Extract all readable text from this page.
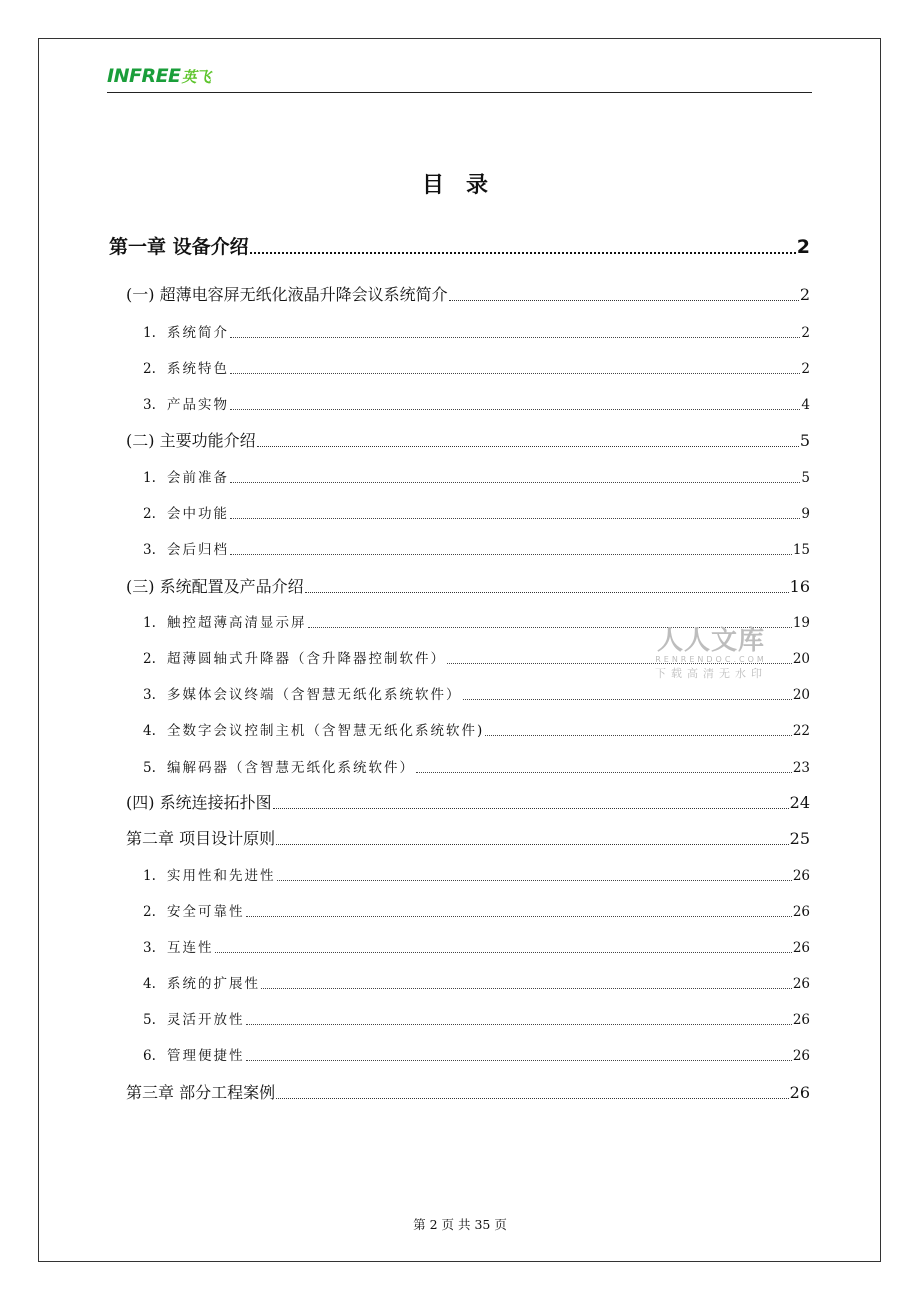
INFREE英飞
目录
第一章 设备介绍	2
(一) 超薄电容屏无纸化液晶升降会议系统简介	2
1. 系统简介	2
2. 系统特色	2
3. 产品实物	4
(二) 主要功能介绍	5
1. 会前准备	5
2. 会中功能	9
3. 会后归档	15
(三) 系统配置及产品介绍	16
1. 触控超薄高清显示屏	19
2. 超薄圆轴式升降器（含升降器控制软件）	20
3. 多媒体会议终端（含智慧无纸化系统软件）	20
4. 全数字会议控制主机（含智慧无纸化系统软件)	22
5. 编解码器（含智慧无纸化系统软件）	23
(四) 系统连接拓扑图	24
第二章 项目设计原则	25
1. 实用性和先进性	26
2. 安全可靠性	26
3. 互连性	26
4. 系统的扩展性	26
5. 灵活开放性	26
6. 管理便捷性	26
第三章 部分工程案例	26
人人文库
RENRENDOC.COM
下载高清无水印
第 2 页 共 35 页
